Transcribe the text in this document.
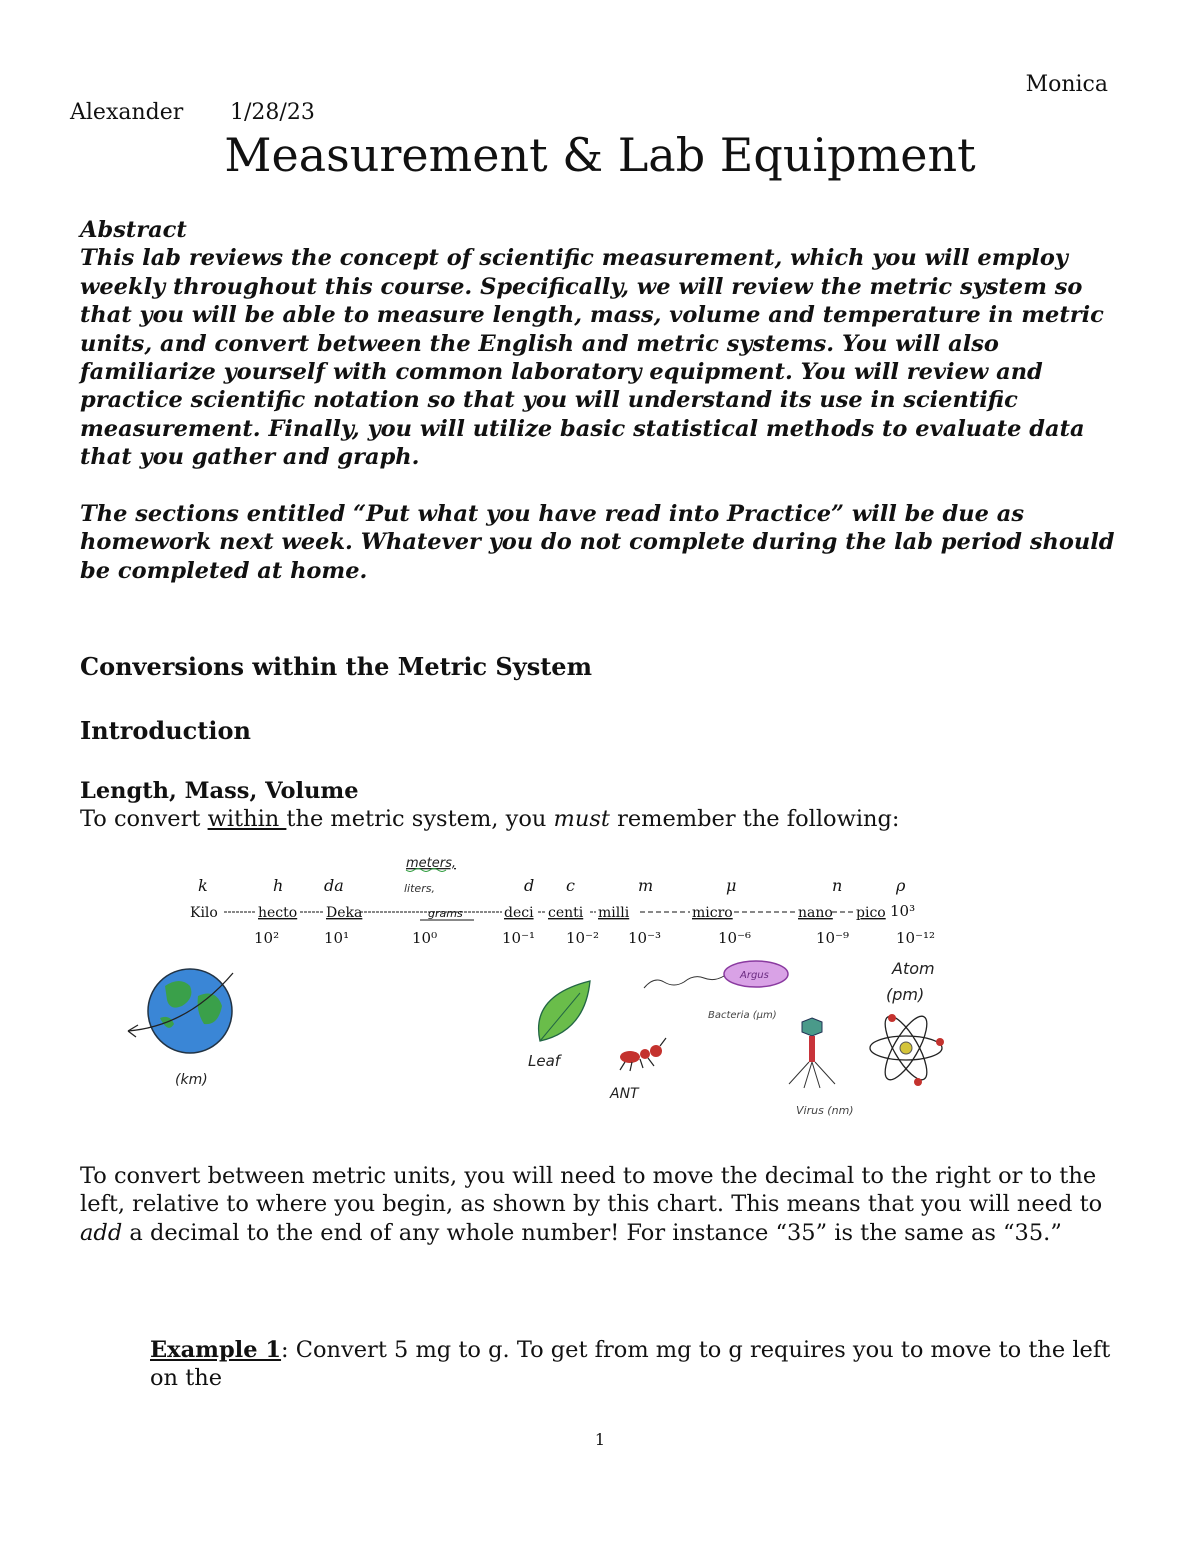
Monica
Alexander 1/28/23
Measurement & Lab Equipment

Abstract

This lab reviews the concept of scientific measurement, which you will employ weekly throughout this course. Specifically, we will review the metric system so that you will be able to measure length, mass, volume and temperature in metric units, and convert between the English and metric systems. You will also familiarize yourself with common laboratory equipment. You will review and practice scientific notation so that you will understand its use in scientific measurement. Finally, you will utilize basic statistical methods to evaluate data that you gather and graph.

The sections entitled “Put what you have read into Practice” will be due as homework next week. Whatever you do not complete during the lab period should be completed at home.

Conversions within the Metric System
Introduction
Length, Mass, Volume
To convert within the metric system, you must remember the following:
meters,
liters,
k	h	da	d c	m	μ	n	ρ
Kilo	hecto Deka	deci centi milli	micro	nano pico
grams	10³
10²	10¹	10⁰	10⁻¹ 10⁻² 10⁻³	10⁻⁶	10⁻⁹	10⁻¹²
(km)
Leaf
ANT
Argus
Bacteria (μm)
Virus (nm)
Atom
(pm)
To convert between metric units, you will need to move the decimal to the right or to the left, relative to where you begin, as shown by this chart. This means that you will need to add a decimal to the end of any whole number! For instance “35” is the same as “35.”
Example 1: Convert 5 mg to g. To get from mg to g requires you to move to the left on the
1
